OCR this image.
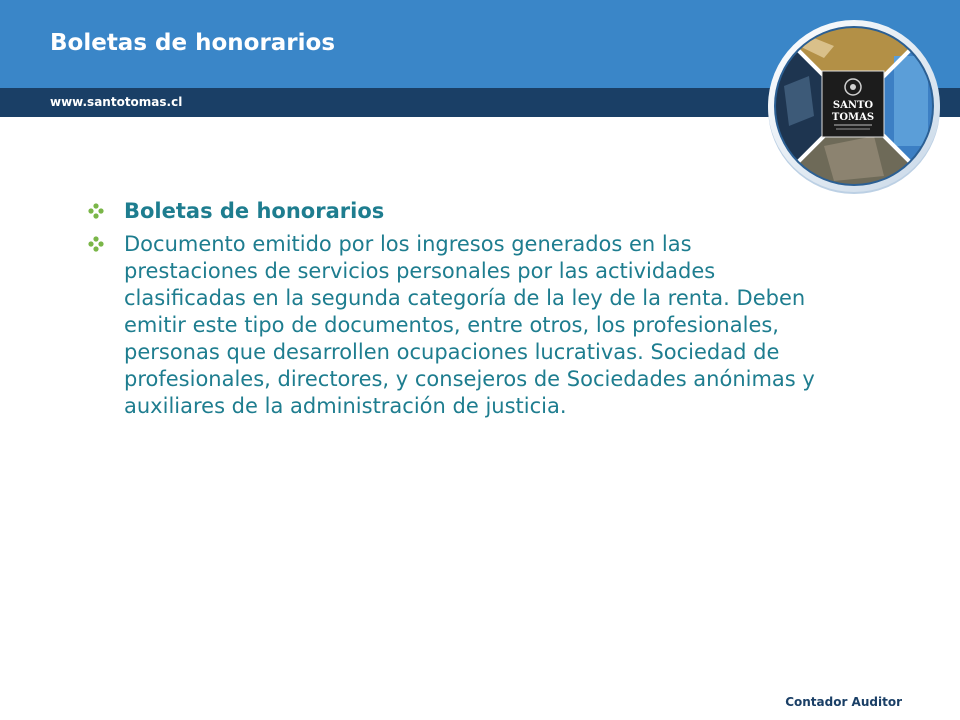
Boletas de honorarios
www.santotomas.cl	SANTO
TOMAS
Boletas de honorarios
Documento emitido por los ingresos generados en las prestaciones de servicios personales por las actividades clasificadas en la segunda categoría de la ley de la renta. Deben emitir este tipo de documentos, entre otros, los profesionales, personas que desarrollen ocupaciones lucrativas. Sociedad de profesionales, directores, y consejeros de Sociedades anónimas y auxiliares de la administración de justicia.
Contador Auditor
